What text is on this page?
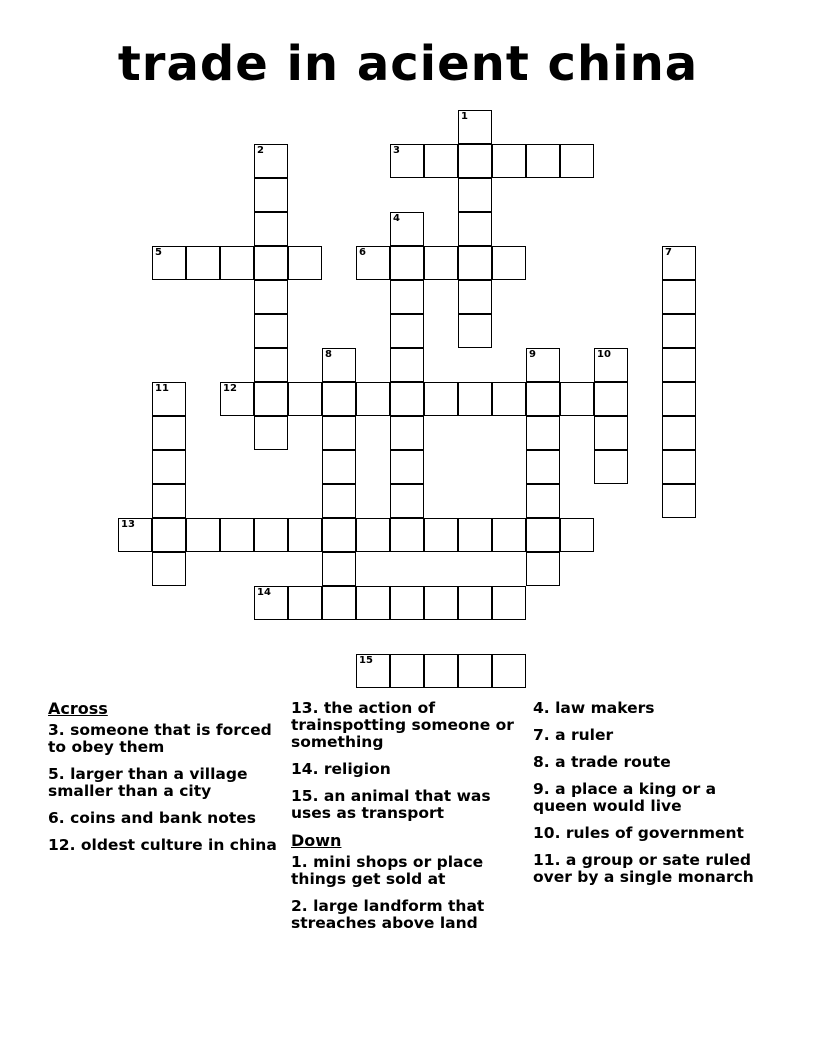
trade in acient china
1
2	3
4
5	6	7
8	9	10
11	12
13
14
15
Across
3. someone that is forced to obey them
5. larger than a village smaller than a city
6. coins and bank notes
12. oldest culture in china
13. the action of trainspotting someone or something
14. religion
15. an animal that was uses as transport
Down
1. mini shops or place things get sold at
2. large landform that streaches above land
4. law makers
7. a ruler
8. a trade route
9. a place a king or a queen would live
10. rules of government
11. a group or sate ruled over by a single monarch
